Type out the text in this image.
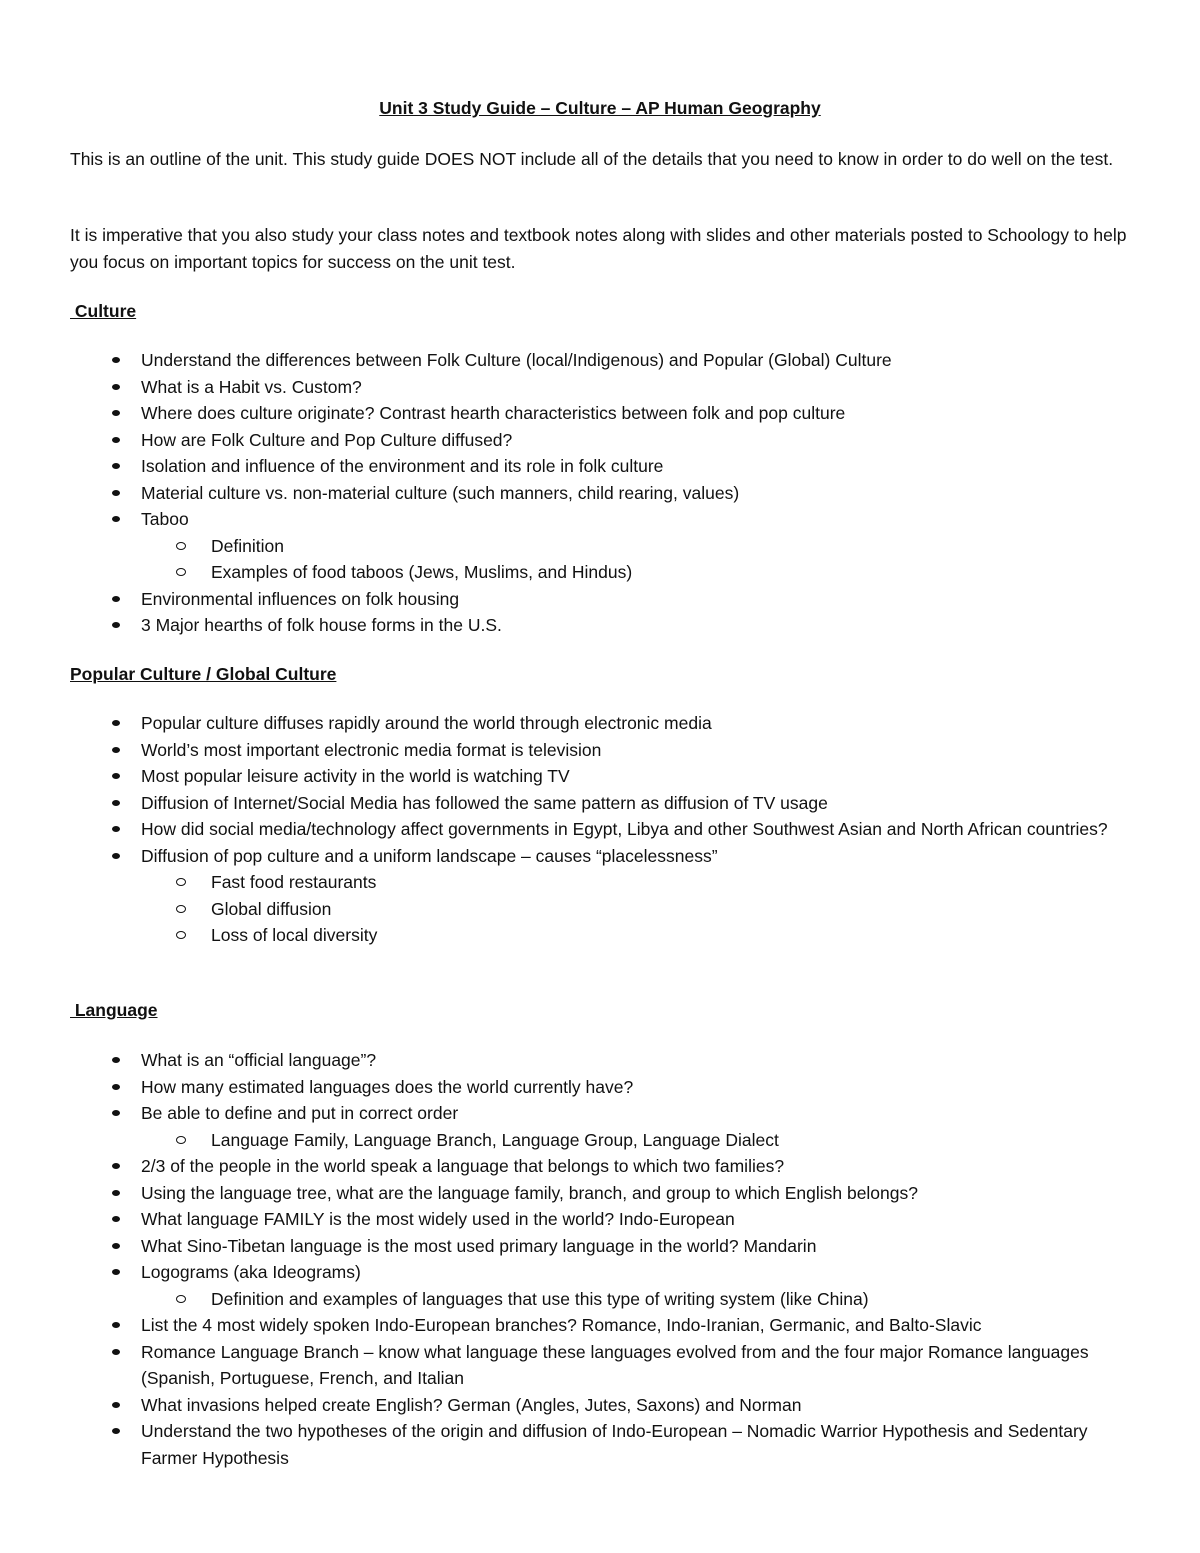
Unit 3 Study Guide – Culture – AP Human Geography

This is an outline of the unit. This study guide DOES NOT include all of the details that you need to know in order to do well on the test.

It is imperative that you also study your class notes and textbook notes along with slides and other materials posted to Schoology to help you focus on important topics for success on the unit test.

Culture
Understand the differences between Folk Culture (local/Indigenous) and Popular (Global) Culture
What is a Habit vs. Custom?
Where does culture originate? Contrast hearth characteristics between folk and pop culture
How are Folk Culture and Pop Culture diffused?
Isolation and influence of the environment and its role in folk culture
Material culture vs. non-material culture (such manners, child rearing, values)
Taboo
Definition
Examples of food taboos (Jews, Muslims, and Hindus)
Environmental influences on folk housing
3 Major hearths of folk house forms in the U.S.
Popular Culture / Global Culture
Popular culture diffuses rapidly around the world through electronic media
World’s most important electronic media format is television
Most popular leisure activity in the world is watching TV
Diffusion of Internet/Social Media has followed the same pattern as diffusion of TV usage
How did social media/technology affect governments in Egypt, Libya and other Southwest Asian and North African countries?
Diffusion of pop culture and a uniform landscape – causes “placelessness”
Fast food restaurants
Global diffusion
Loss of local diversity
Language
What is an “official language”?
How many estimated languages does the world currently have?
Be able to define and put in correct order
Language Family, Language Branch, Language Group, Language Dialect
2/3 of the people in the world speak a language that belongs to which two families?
Using the language tree, what are the language family, branch, and group to which English belongs?
What language FAMILY is the most widely used in the world? Indo-European
What Sino-Tibetan language is the most used primary language in the world? Mandarin
Logograms (aka Ideograms)
Definition and examples of languages that use this type of writing system (like China)
List the 4 most widely spoken Indo-European branches? Romance, Indo-Iranian, Germanic, and Balto-Slavic
Romance Language Branch – know what language these languages evolved from and the four major Romance languages (Spanish, Portuguese, French, and Italian
What invasions helped create English? German (Angles, Jutes, Saxons) and Norman
Understand the two hypotheses of the origin and diffusion of Indo-European – Nomadic Warrior Hypothesis and Sedentary Farmer Hypothesis
